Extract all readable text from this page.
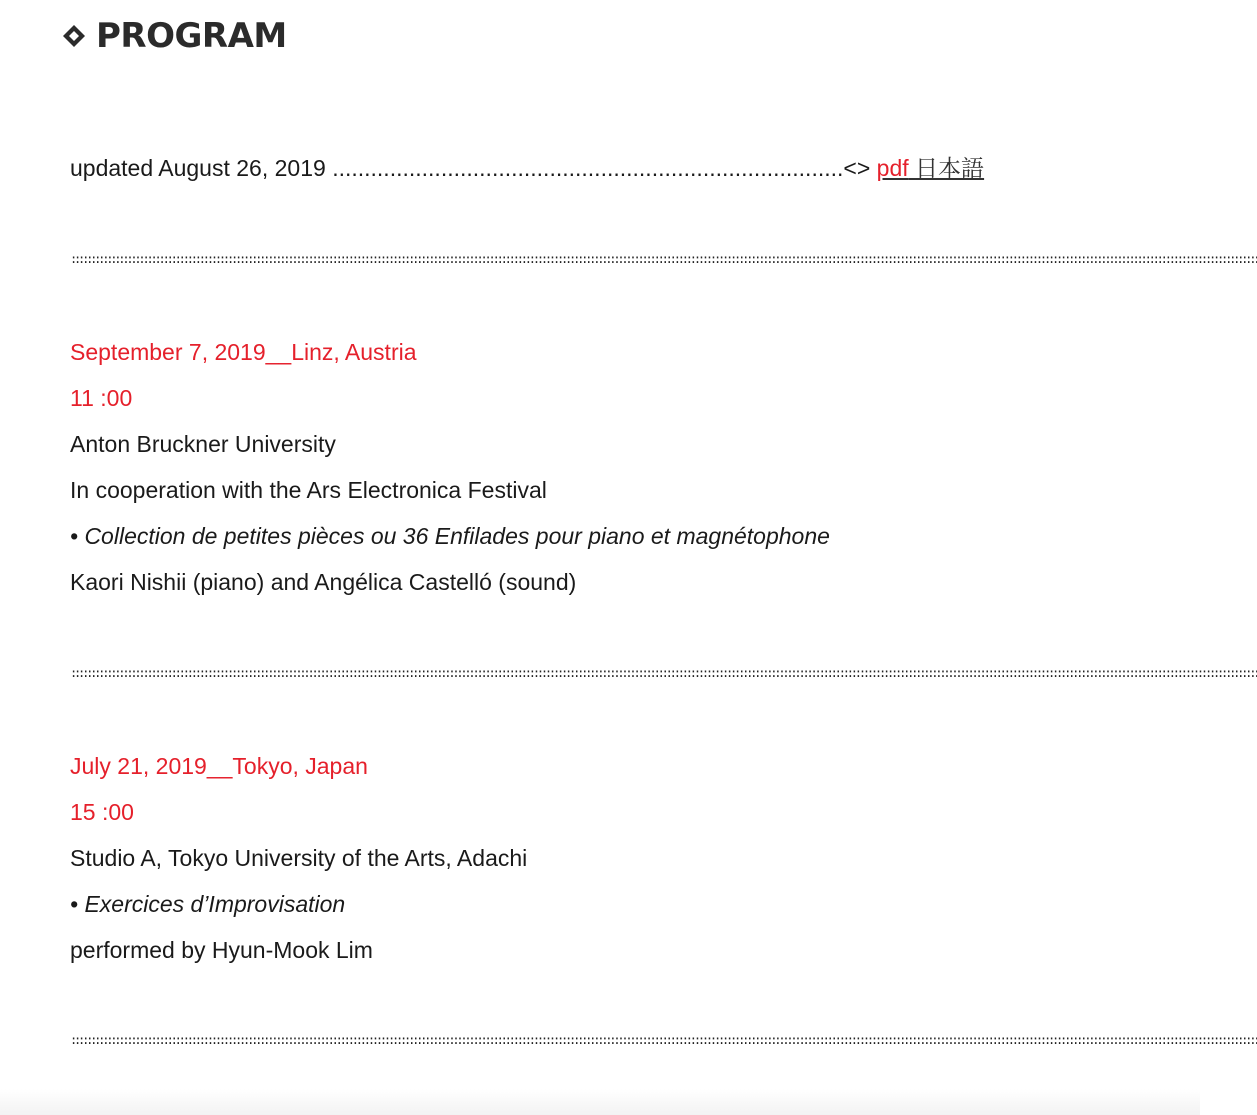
PROGRAM
updated August 26, 2019 ................................................................................<> pdf 日本語
:::::::::::::::::::::::::::::::::::::::::::::::::::::::::::::::::::::::::::::::::::::::::::::::::::::::::::::::::::::::::::::::::::::::::::::::::::::::::::::::::::::::::::::::::::::::::::::::::::::::::::::::::::::::::::::::::::::::::::::::::::::::::::::::::::::::::::::::::::::::::::::::::::::::
September 7, 2019__Linz, Austria
11 :00
Anton Bruckner University
In cooperation with the Ars Electronica Festival
• Collection de petites pièces ou 36 Enfilades pour piano et magnétophone
Kaori Nishii (piano) and Angélica Castelló (sound)
:::::::::::::::::::::::::::::::::::::::::::::::::::::::::::::::::::::::::::::::::::::::::::::::::::::::::::::::::::::::::::::::::::::::::::::::::::::::::::::::::::::::::::::::::::::::::::::::::::::::::::::::::::::::::::::::::::::::::::::::::::::::::::::::::::::::::::::::::::::::::::::::::::::::
July 21, 2019__Tokyo, Japan
15 :00
Studio A, Tokyo University of the Arts, Adachi
• Exercices d’Improvisation
performed by Hyun-Mook Lim
:::::::::::::::::::::::::::::::::::::::::::::::::::::::::::::::::::::::::::::::::::::::::::::::::::::::::::::::::::::::::::::::::::::::::::::::::::::::::::::::::::::::::::::::::::::::::::::::::::::::::::::::::::::::::::::::::::::::::::::::::::::::::::::::::::::::::::::::::::::::::::::::::::::::
